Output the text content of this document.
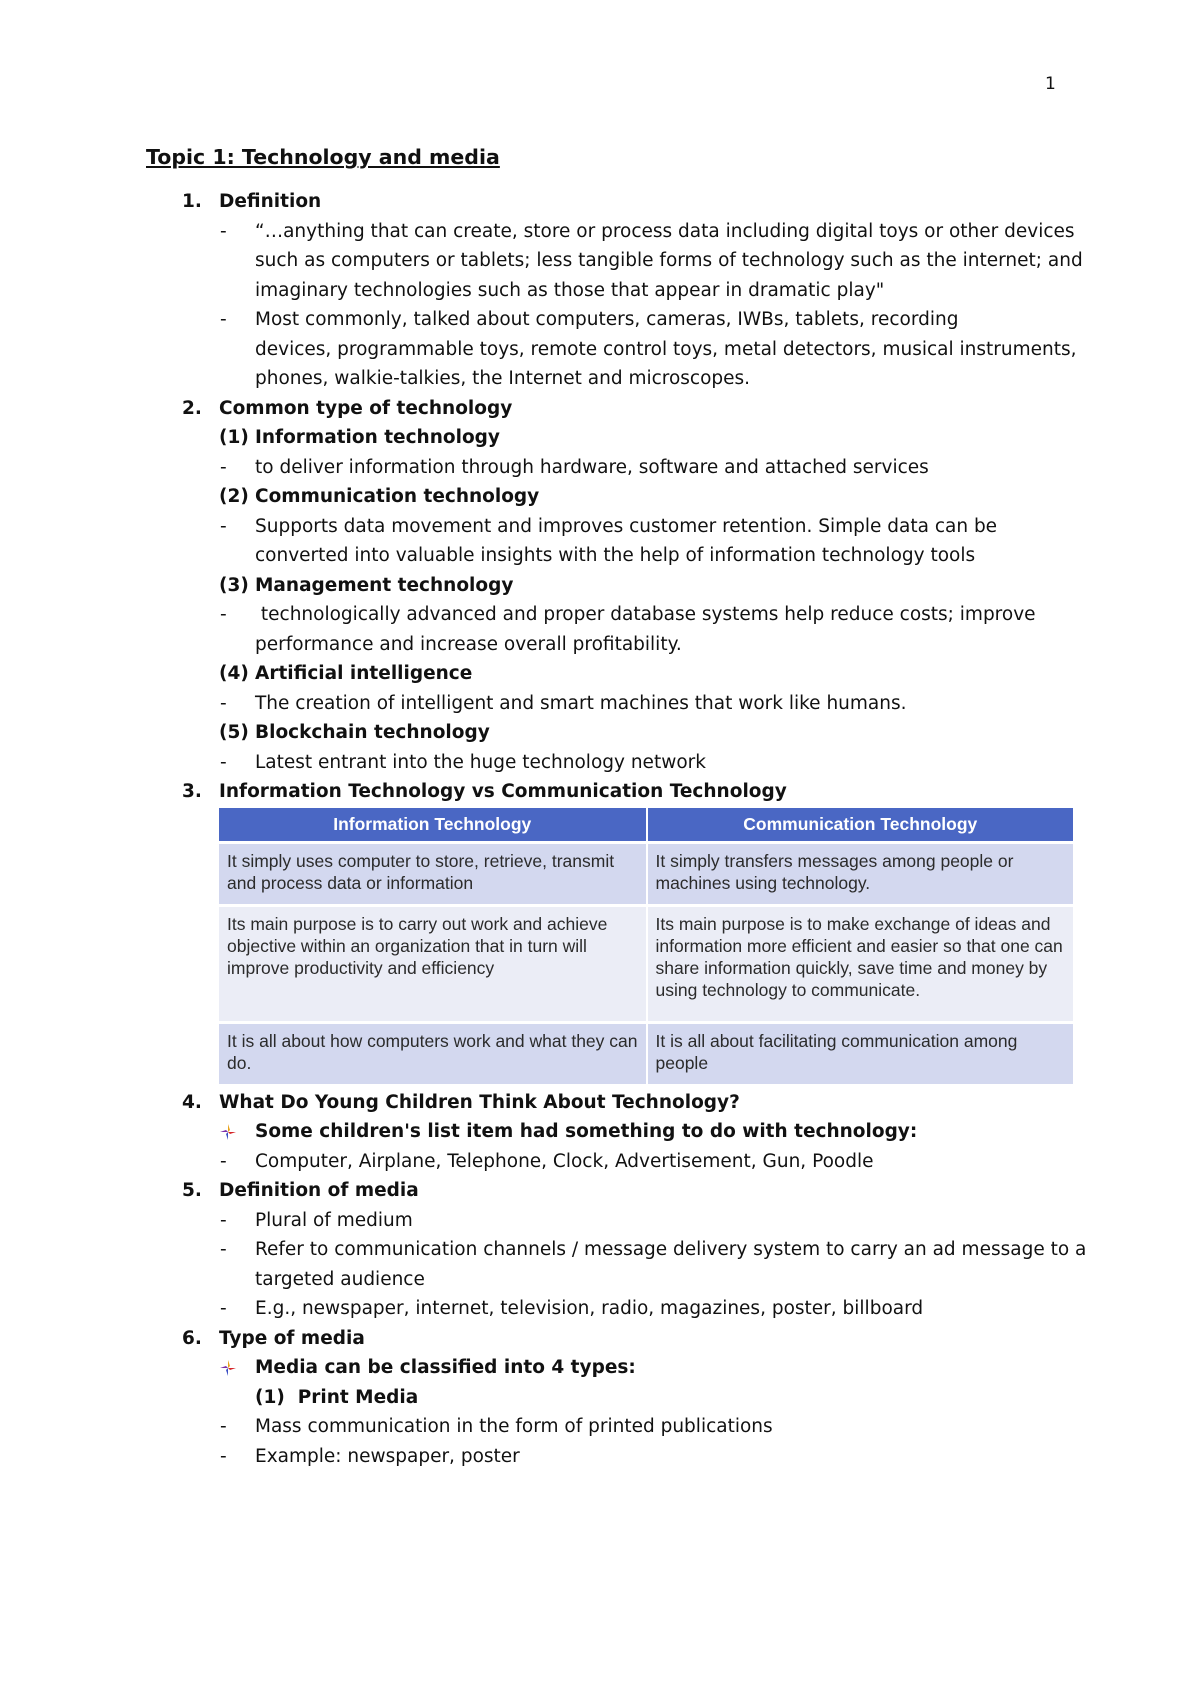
1
Topic 1: Technology and media
1. Definition
- “…anything that can create, store or process data including digital toys or other devices
such as computers or tablets; less tangible forms of technology such as the internet; and
imaginary technologies such as those that appear in dramatic play"
- Most commonly, talked about computers, cameras, IWBs, tablets, recording
devices, programmable toys, remote control toys, metal detectors, musical instruments,
phones, walkie-talkies, the Internet and microscopes.
2. Common type of technology
(1) Information technology
- to deliver information through hardware, software and attached services
(2) Communication technology
- Supports data movement and improves customer retention. Simple data can be
converted into valuable insights with the help of information technology tools
(3) Management technology
- technologically advanced and proper database systems help reduce costs; improve
performance and increase overall profitability.
(4) Artificial intelligence
- The creation of intelligent and smart machines that work like humans.
(5) Blockchain technology
- Latest entrant into the huge technology network
3. Information Technology vs Communication Technology
Information Technology	Communication Technology
It simply uses computer to store, retrieve, transmit and process data or information	It simply transfers messages among people or machines using technology.
Its main purpose is to carry out work and achieve objective within an organization that in turn will improve productivity and efficiency	Its main purpose is to make exchange of ideas and information more efficient and easier so that one can share information quickly, save time and money by using technology to communicate.
It is all about how computers work and what they can do.	It is all about facilitating communication among people
4. What Do Young Children Think About Technology?
Some children's list item had something to do with technology:
- Computer, Airplane, Telephone, Clock, Advertisement, Gun, Poodle
5. Definition of media
- Plural of medium
- Refer to communication channels / message delivery system to carry an ad message to a
targeted audience
- E.g., newspaper, internet, television, radio, magazines, poster, billboard
6. Type of media
Media can be classified into 4 types:
(1) Print Media
- Mass communication in the form of printed publications
- Example: newspaper, poster
